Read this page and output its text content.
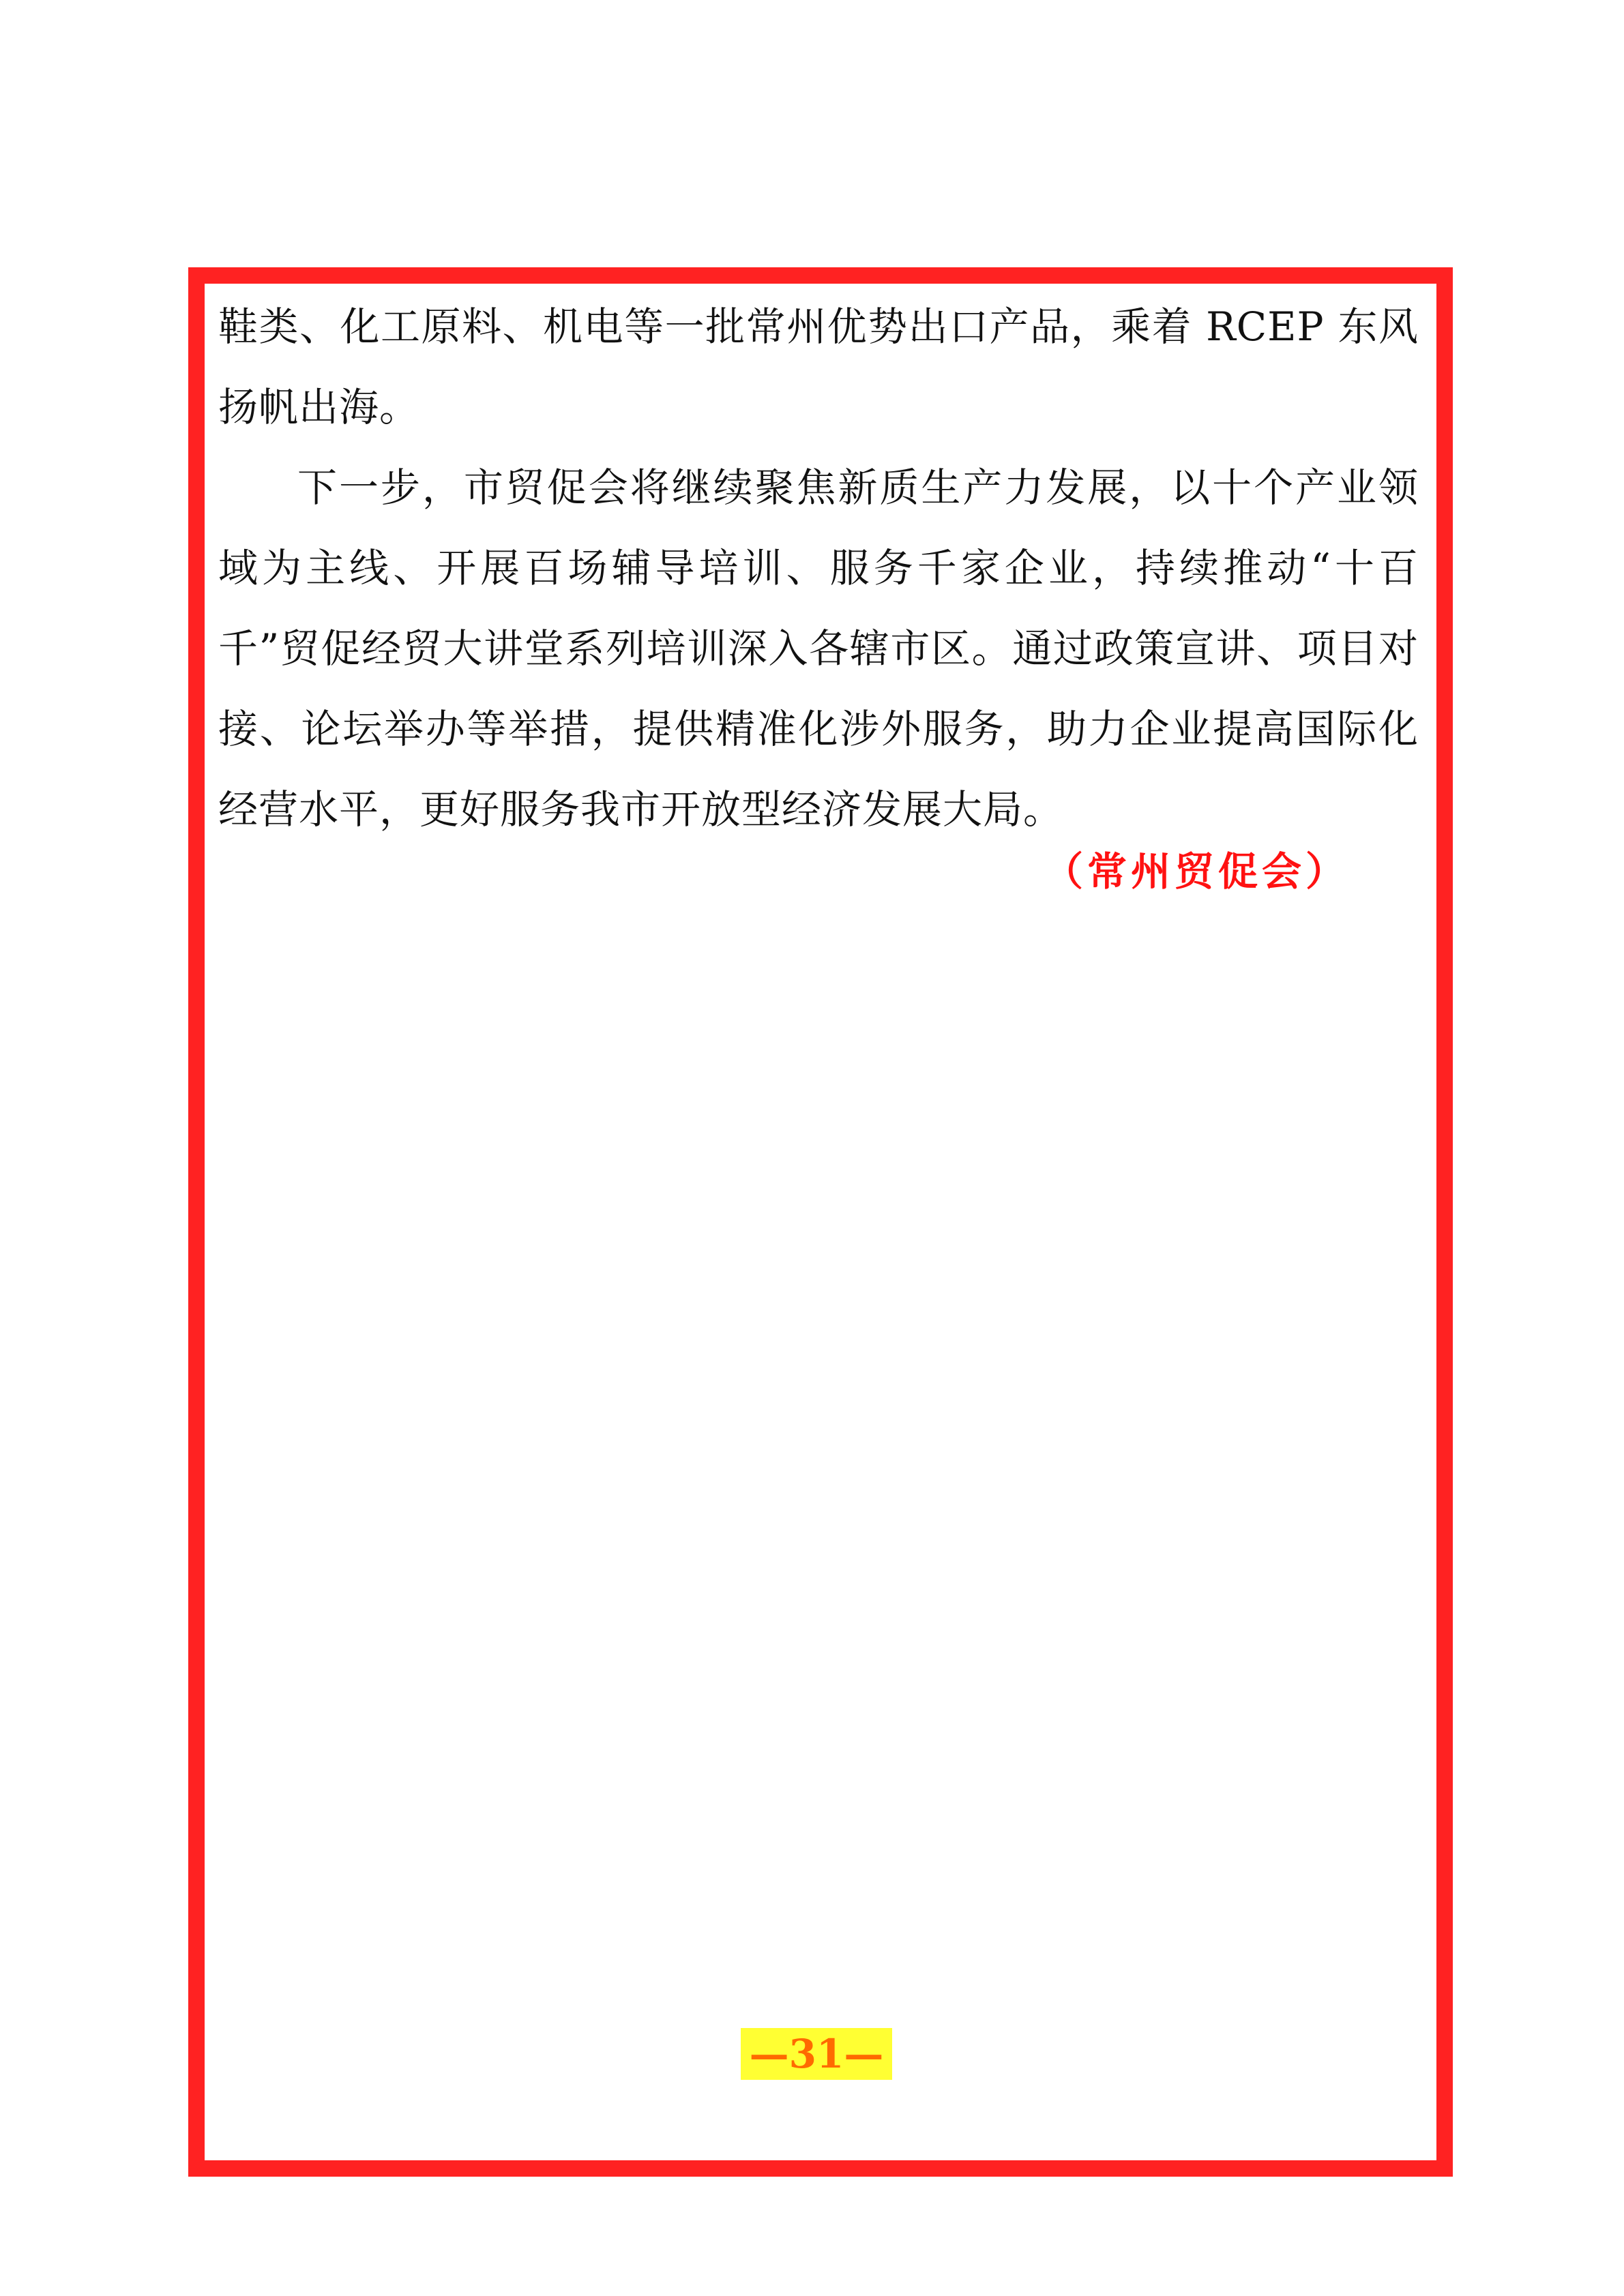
鞋类、化工原料、机电等一批常州优势出口产品，乘着 RCEP 东风扬帆出海。

下一步，市贸促会将继续聚焦新质生产力发展，以十个产业领域为主线、开展百场辅导培训、服务千家企业，持续推动“十百千”贸促经贸大讲堂系列培训深入各辖市区。通过政策宣讲、项目对接、论坛举办等举措，提供精准化涉外服务，助力企业提高国际化经营水平，更好服务我市开放型经济发展大局。

（常州贸促会）
—31—
